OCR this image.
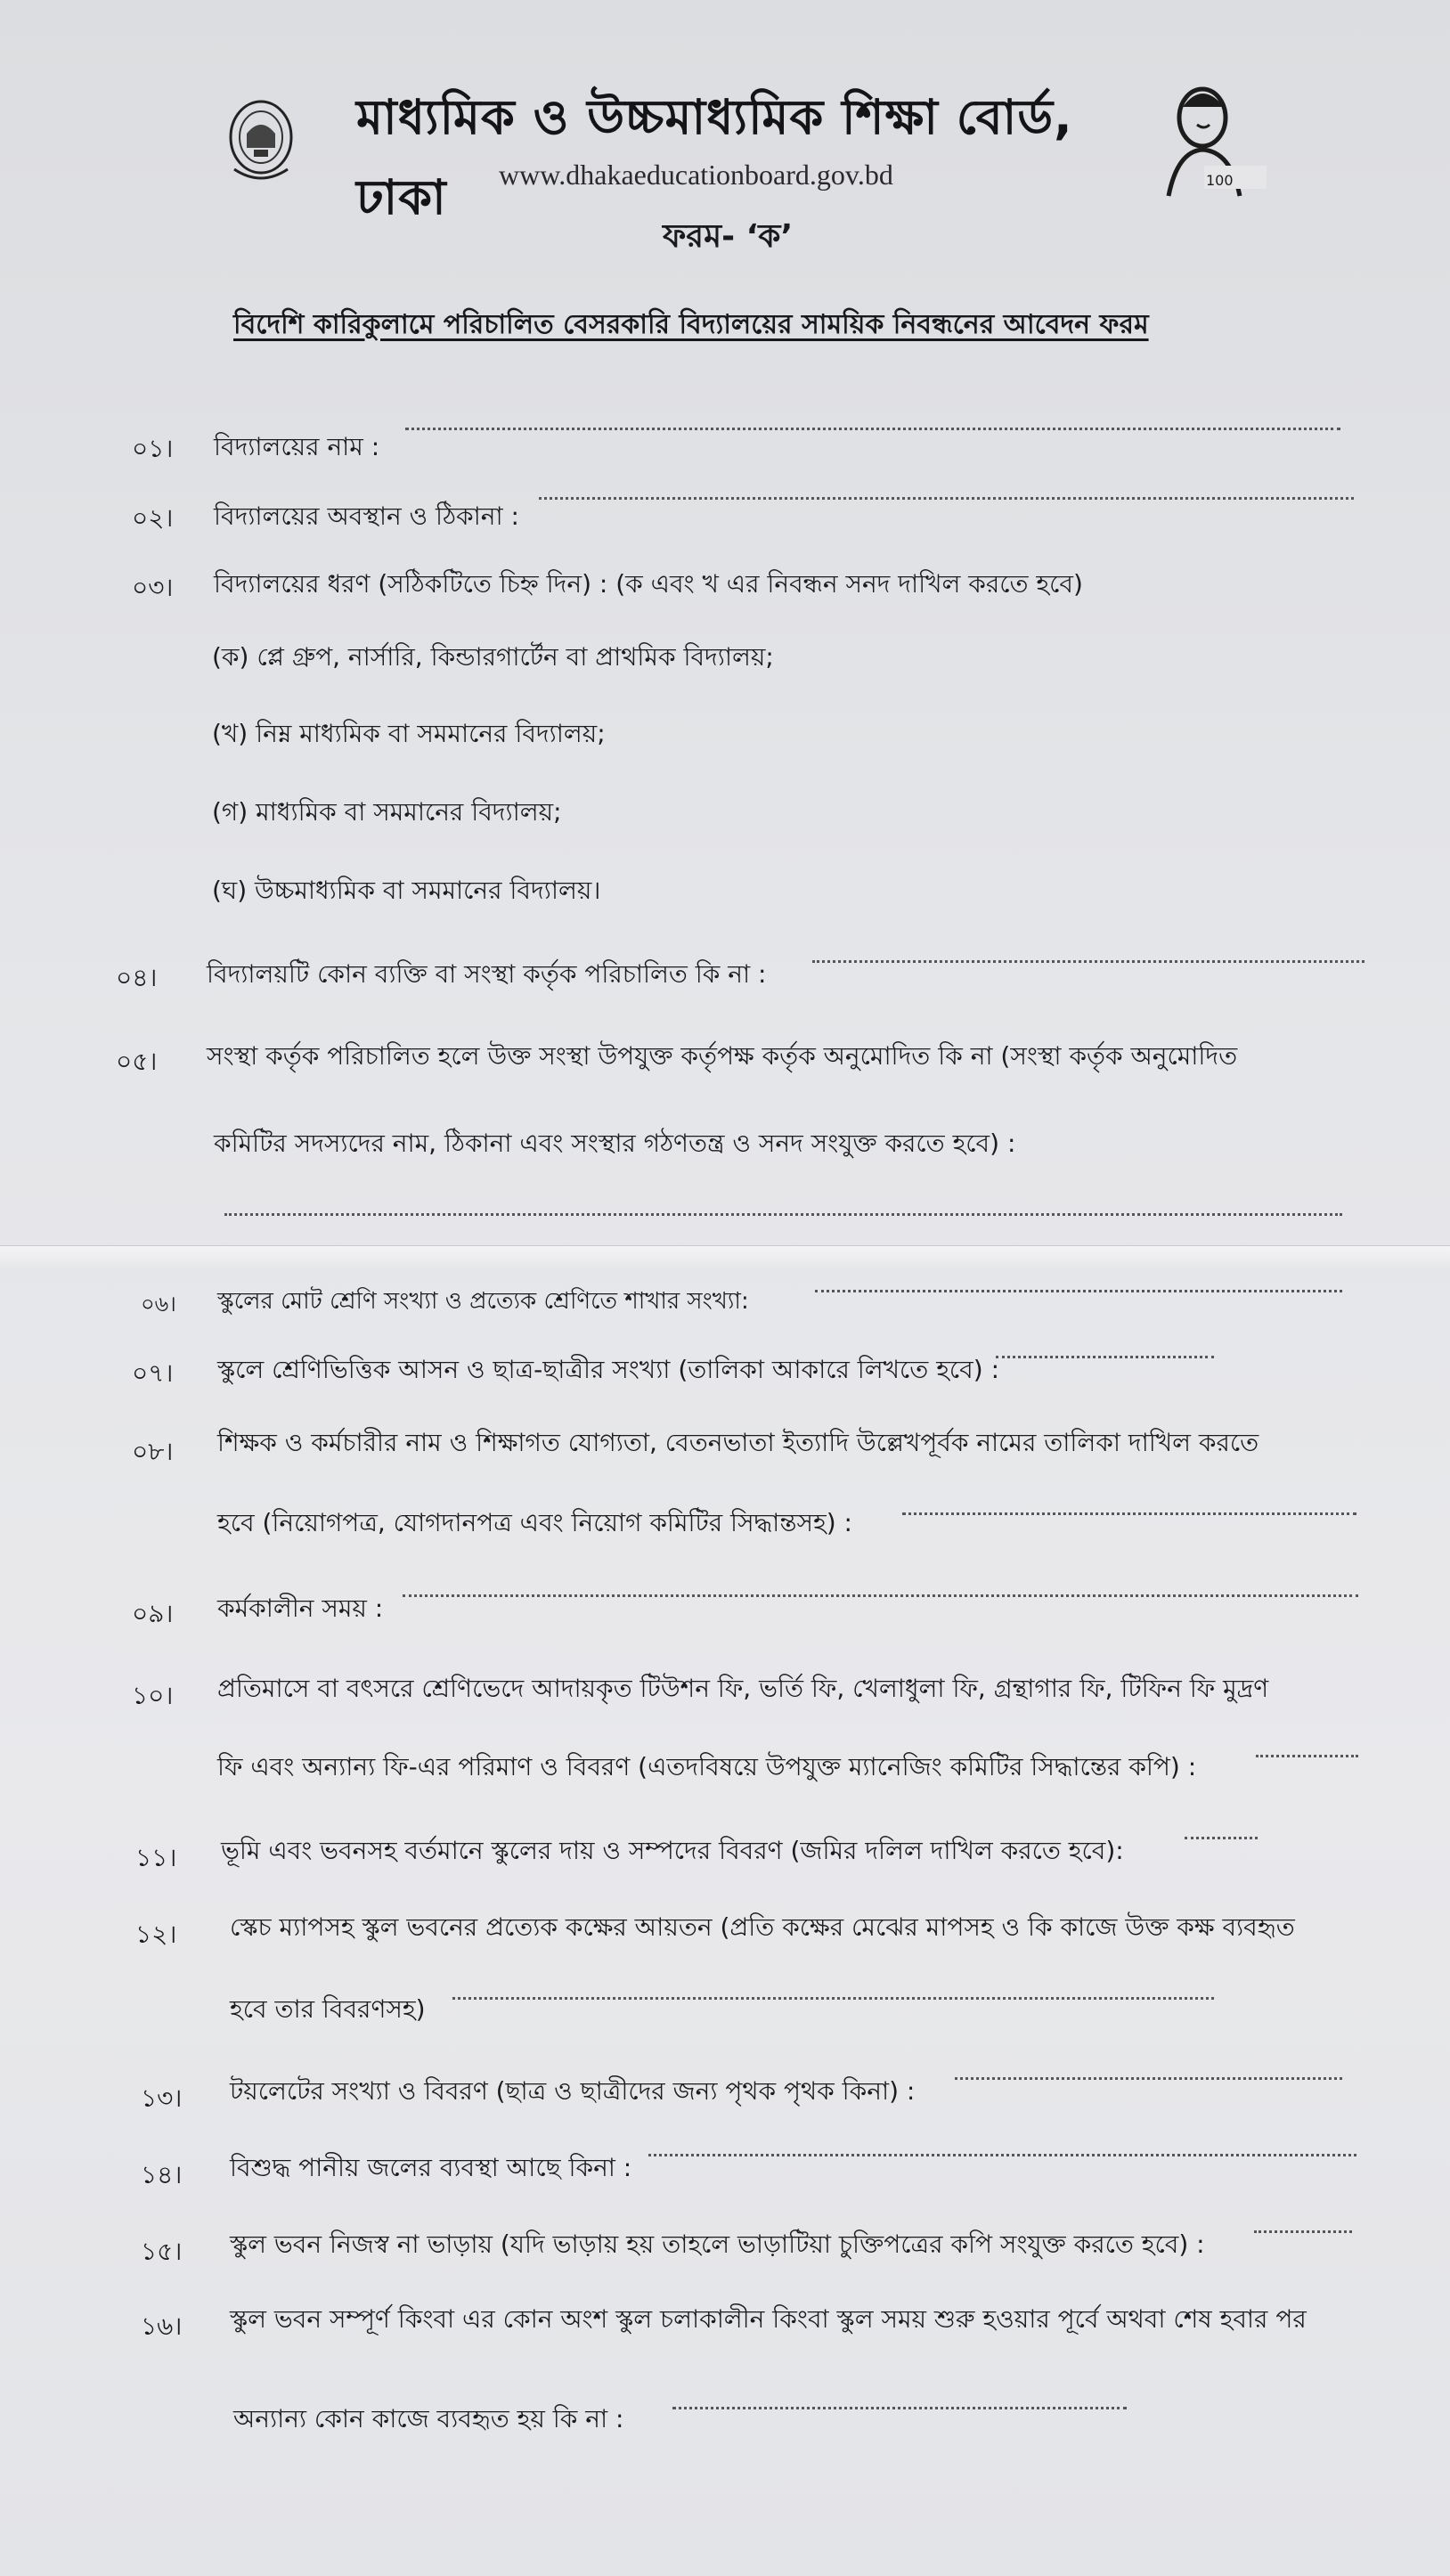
মাধ্যমিক ও উচ্চমাধ্যমিক শিক্ষা বোর্ড, ঢাকা	www.dhakaeducationboard.gov.bd	100
ফরম- ‘ক’
বিদেশি কারিকুলামে পরিচালিত বেসরকারি বিদ্যালয়ের সাময়িক নিবন্ধনের আবেদন ফরম
০১। বিদ্যালয়ের নাম :
০২। বিদ্যালয়ের অবস্থান ও ঠিকানা :
০৩। বিদ্যালয়ের ধরণ (সঠিকটিতে চিহ্ন দিন) : (ক এবং খ এর নিবন্ধন সনদ দাখিল করতে হবে)
(ক) প্লে গ্রুপ, নার্সারি, কিন্ডারগার্টেন বা প্রাথমিক বিদ্যালয়;
(খ) নিম্ন মাধ্যমিক বা সমমানের বিদ্যালয়;
(গ) মাধ্যমিক বা সমমানের বিদ্যালয়;
(ঘ) উচ্চমাধ্যমিক বা সমমানের বিদ্যালয়।
০৪। বিদ্যালয়টি কোন ব্যক্তি বা সংস্থা কর্তৃক পরিচালিত কি না :
০৫। সংস্থা কর্তৃক পরিচালিত হলে উক্ত সংস্থা উপযুক্ত কর্তৃপক্ষ কর্তৃক অনুমোদিত কি না (সংস্থা কর্তৃক অনুমোদিত
কমিটির সদস্যদের নাম, ঠিকানা এবং সংস্থার গঠণতন্ত্র ও সনদ সংযুক্ত করতে হবে) :
০৬। স্কুলের মোট শ্রেণি সংখ্যা ও প্রত্যেক শ্রেণিতে শাখার সংখ্যা:
০৭। স্কুলে শ্রেণিভিত্তিক আসন ও ছাত্র-ছাত্রীর সংখ্যা (তালিকা আকারে লিখতে হবে) :
০৮। শিক্ষক ও কর্মচারীর নাম ও শিক্ষাগত যোগ্যতা, বেতনভাতা ইত্যাদি উল্লেখপূর্বক নামের তালিকা দাখিল করতে
হবে (নিয়োগপত্র, যোগদানপত্র এবং নিয়োগ কমিটির সিদ্ধান্তসহ) :
০৯। কর্মকালীন সময় :
১০। প্রতিমাসে বা বৎসরে শ্রেণিভেদে আদায়কৃত টিউশন ফি, ভর্তি ফি, খেলাধুলা ফি, গ্রন্থাগার ফি, টিফিন ফি মুদ্রণ
ফি এবং অন্যান্য ফি-এর পরিমাণ ও বিবরণ (এতদবিষয়ে উপযুক্ত ম্যানেজিং কমিটির সিদ্ধান্তের কপি) :
১১। ভূমি এবং ভবনসহ বর্তমানে স্কুলের দায় ও সম্পদের বিবরণ (জমির দলিল দাখিল করতে হবে):
১২। স্কেচ ম্যাপসহ স্কুল ভবনের প্রত্যেক কক্ষের আয়তন (প্রতি কক্ষের মেঝের মাপসহ ও কি কাজে উক্ত কক্ষ ব্যবহৃত
হবে তার বিবরণসহ)
১৩। টয়লেটের সংখ্যা ও বিবরণ (ছাত্র ও ছাত্রীদের জন্য পৃথক পৃথক কিনা) :
১৪। বিশুদ্ধ পানীয় জলের ব্যবস্থা আছে কিনা :
১৫। স্কুল ভবন নিজস্ব না ভাড়ায় (যদি ভাড়ায় হয় তাহলে ভাড়াটিয়া চুক্তিপত্রের কপি সংযুক্ত করতে হবে) :
১৬। স্কুল ভবন সম্পূর্ণ কিংবা এর কোন অংশ স্কুল চলাকালীন কিংবা স্কুল সময় শুরু হওয়ার পূর্বে অথবা শেষ হবার পর
অন্যান্য কোন কাজে ব্যবহৃত হয় কি না :
